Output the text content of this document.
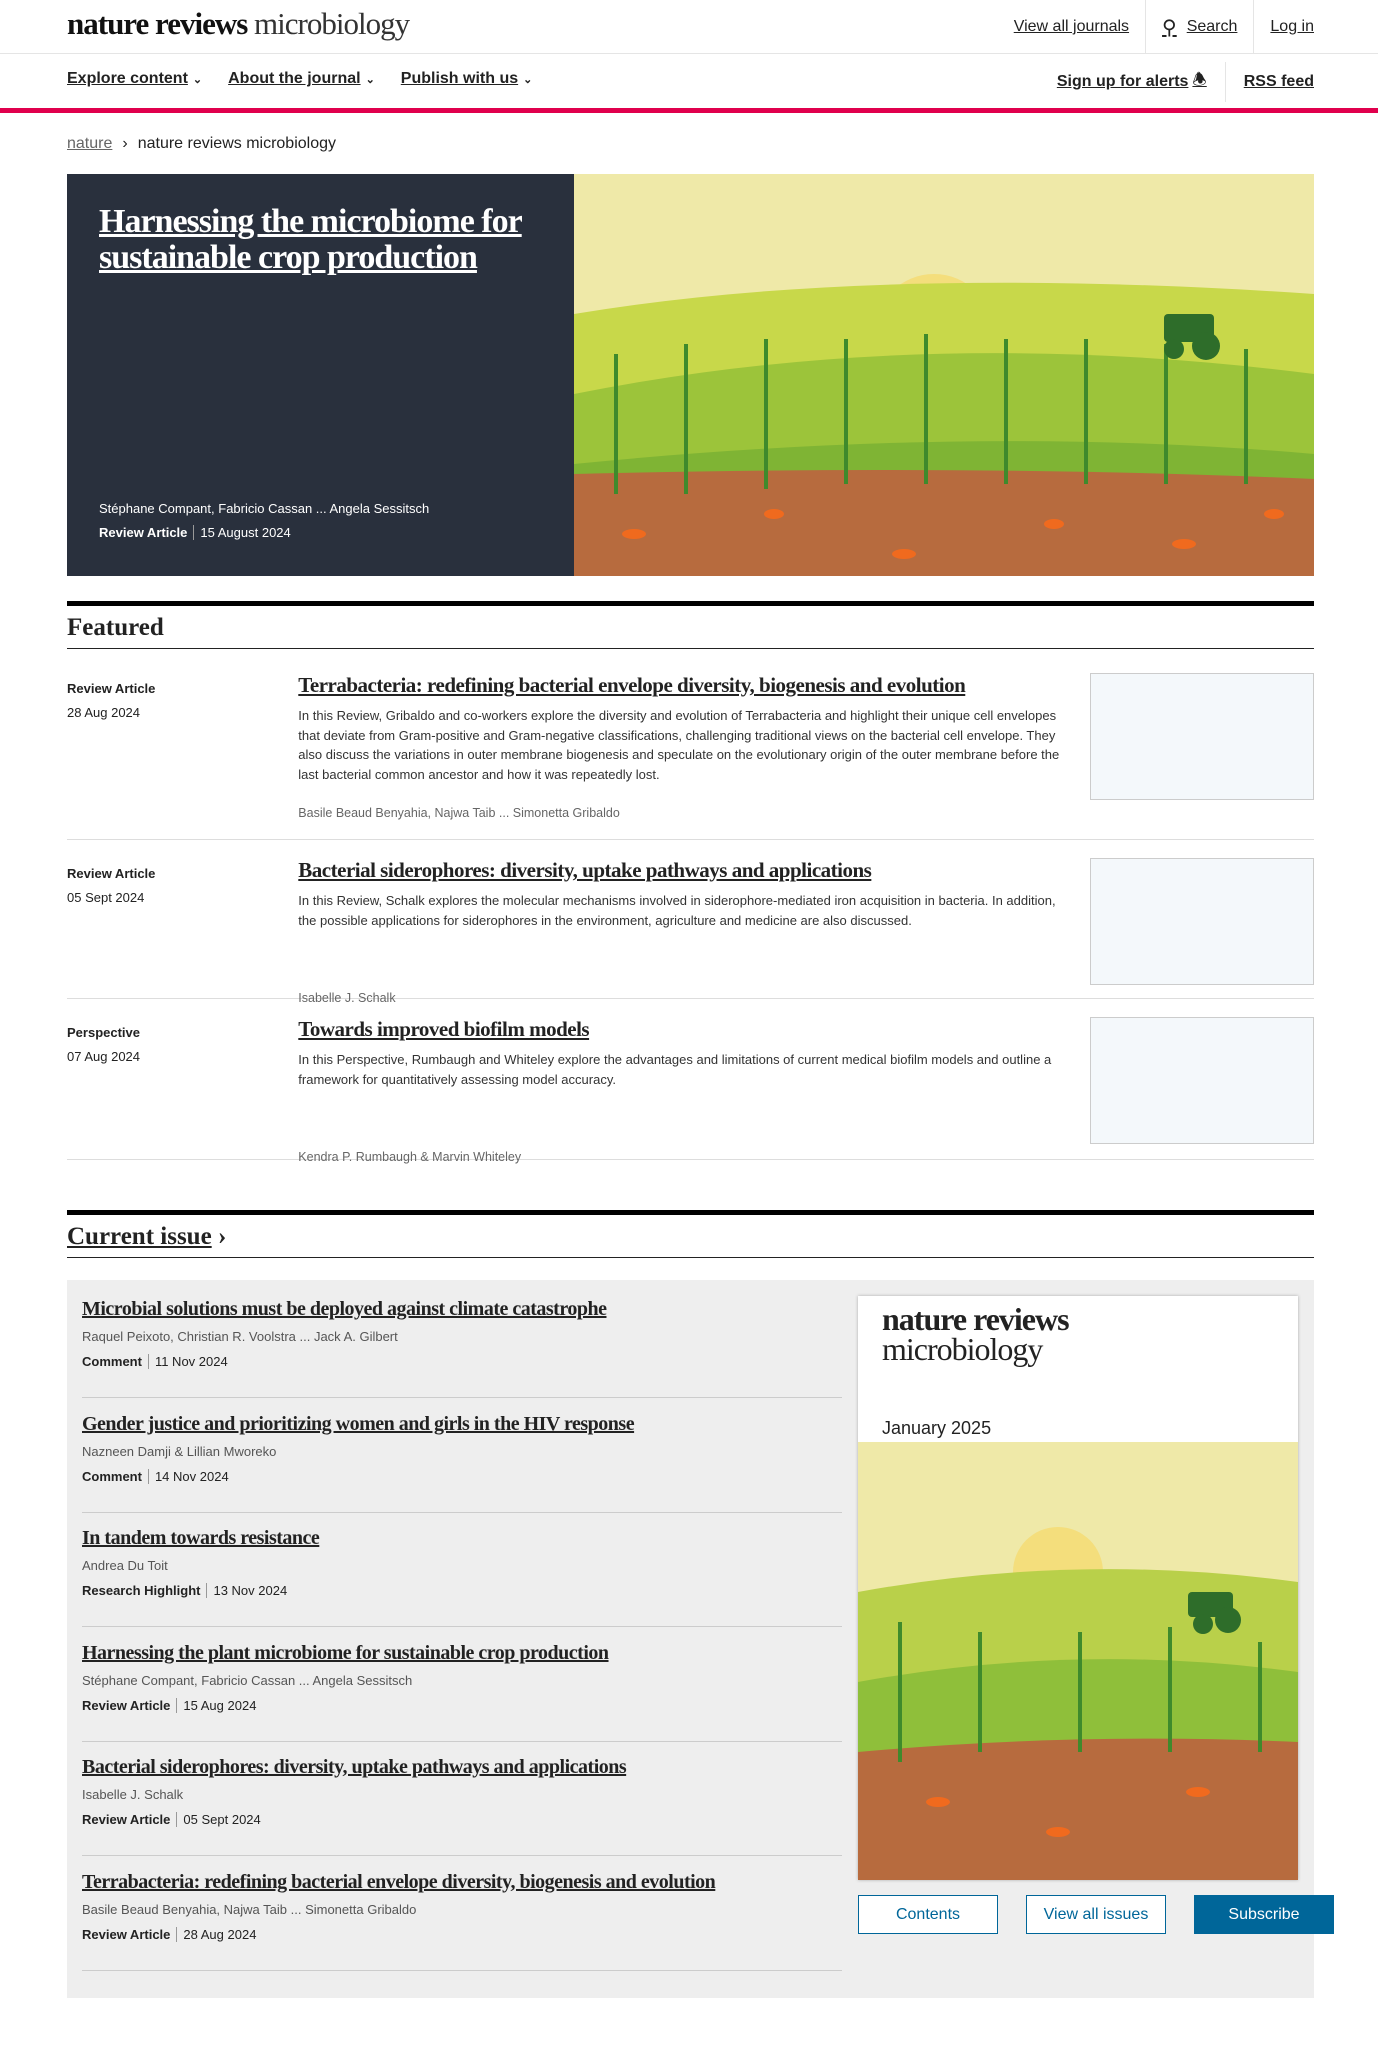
nature reviews microbiology	View all journals	⚲ Search	Log in
Explore content ⌄ About the journal ⌄ Publish with us ⌄	Sign up for alerts 🕭	RSS feed
nature › nature reviews microbiology
Harnessing the microbiome for sustainable crop production
Stéphane Compant, Fabricio Cassan ... Angela Sessitsch
Review Article 15 August 2024
Featured
Review Article
28 Aug 2024
Terrabacteria: redefining bacterial envelope diversity, biogenesis and evolution

In this Review, Gribaldo and co-workers explore the diversity and evolution of Terrabacteria and highlight their unique cell envelopes that deviate from Gram-positive and Gram-negative classifications, challenging traditional views on the bacterial cell envelope. They also discuss the variations in outer membrane biogenesis and speculate on the evolutionary origin of the outer membrane before the last bacterial common ancestor and how it was repeatedly lost.

Basile Beaud Benyahia, Najwa Taib ... Simonetta Gribaldo
Review Article
05 Sept 2024
Bacterial siderophores: diversity, uptake pathways and applications

In this Review, Schalk explores the molecular mechanisms involved in siderophore-mediated iron acquisition in bacteria. In addition, the possible applications for siderophores in the environment, agriculture and medicine are also discussed.

Isabelle J. Schalk
Perspective
07 Aug 2024
Towards improved biofilm models

In this Perspective, Rumbaugh and Whiteley explore the advantages and limitations of current medical biofilm models and outline a framework for quantitatively assessing model accuracy.

Kendra P. Rumbaugh & Marvin Whiteley
Current issue ›
Microbial solutions must be deployed against climate catastrophe
Raquel Peixoto, Christian R. Voolstra ... Jack A. Gilbert
Comment 11 Nov 2024
Gender justice and prioritizing women and girls in the HIV response
Nazneen Damji & Lillian Mworeko
Comment 14 Nov 2024
In tandem towards resistance
Andrea Du Toit
Research Highlight 13 Nov 2024
Harnessing the plant microbiome for sustainable crop production
Stéphane Compant, Fabricio Cassan ... Angela Sessitsch
Review Article 15 Aug 2024
Bacterial siderophores: diversity, uptake pathways and applications
Isabelle J. Schalk
Review Article 05 Sept 2024
Terrabacteria: redefining bacterial envelope diversity, biogenesis and evolution
Basile Beaud Benyahia, Najwa Taib ... Simonetta Gribaldo
Review Article 28 Aug 2024
nature reviews
microbiology
January 2025
Contents	View all issues	Subscribe
